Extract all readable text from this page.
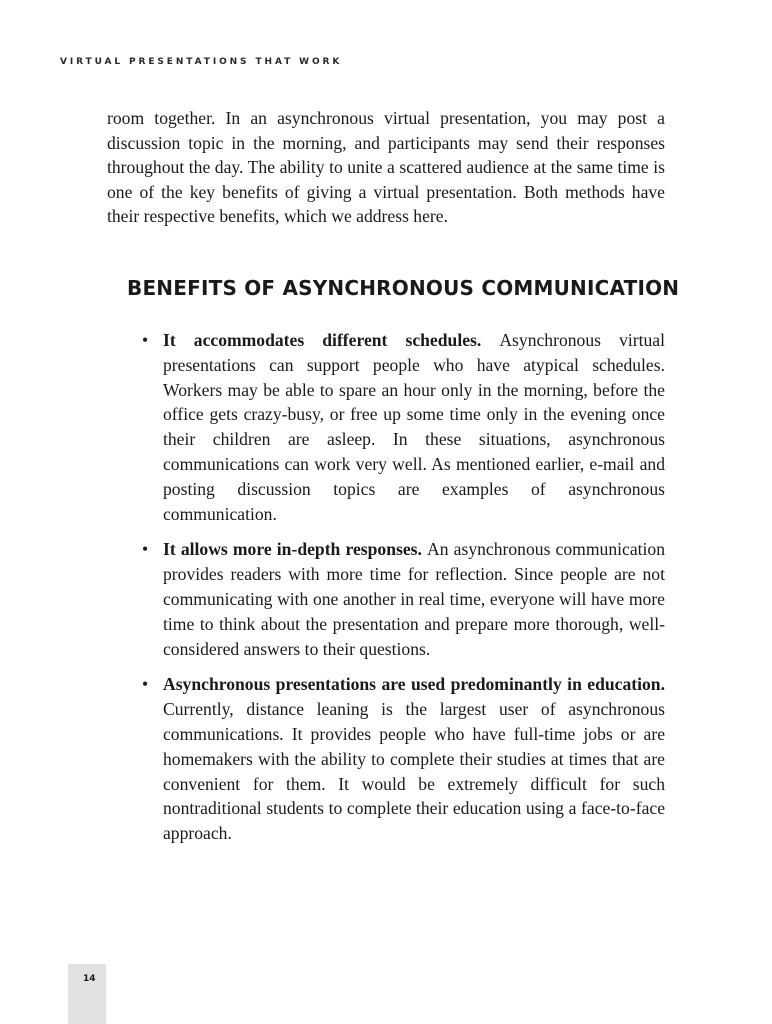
VIRTUAL PRESENTATIONS THAT WORK

room together. In an asynchronous virtual presentation, you may post a discussion topic in the morning, and participants may send their responses throughout the day. The ability to unite a scattered audience at the same time is one of the key benefits of giving a virtual presentation. Both methods have their respective benefits, which we address here.

BENEFITS OF ASYNCHRONOUS COMMUNICATION
• It accommodates different schedules. Asynchronous virtual presentations can support people who have atypical schedules. Workers may be able to spare an hour only in the morning, before the office gets crazy-busy, or free up some time only in the evening once their children are asleep. In these situations, asynchronous communications can work very well. As mentioned earlier, e-mail and posting discussion topics are examples of asynchronous communication.
• It allows more in-depth responses. An asynchronous communication provides readers with more time for reflection. Since people are not communicating with one another in real time, everyone will have more time to think about the presentation and prepare more thorough, well-considered answers to their questions.
• Asynchronous presentations are used predominantly in education. Currently, distance leaning is the largest user of asynchronous communications. It provides people who have full-time jobs or are homemakers with the ability to complete their studies at times that are convenient for them. It would be extremely difficult for such nontraditional students to complete their education using a face-to-face approach.
14
